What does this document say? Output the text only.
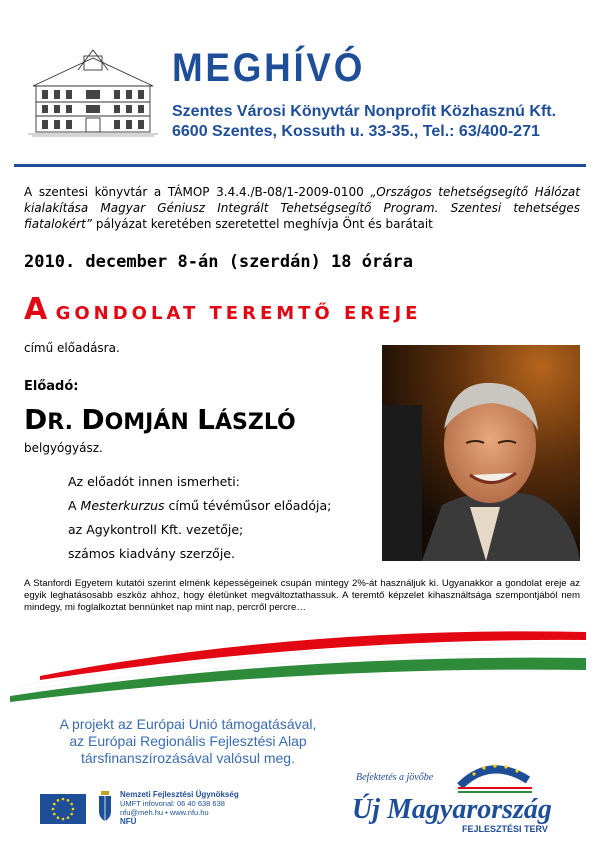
MEGHÍVÓ
Szentes Városi Könyvtár Nonprofit Közhasznú Kft.
6600 Szentes, Kossuth u. 33-35., Tel.: 63/400-271

A szentesi könyvtár a TÁMOP 3.4.4./B-08/1-2009-0100 „Országos tehetségsegítő Hálózat kialakítása Magyar Géniusz Integrált Tehetségsegítő Program. Szentesi tehetséges fiatalokért” pályázat keretében szeretettel meghívja Önt és barátait

2010. december 8-án (szerdán) 18 órára
A GONDOLAT TEREMTŐ EREJE
című előadásra.
Előadó:
DR. DOMJÁN LÁSZLÓ
belgyógyász.
Az előadót innen ismerheti:
A Mesterkurzus című tévéműsor előadója;
az Agykontroll Kft. vezetője;
számos kiadvány szerzője.

A Stanfordi Egyetem kutatói szerint elménk képességeinek csupán mintegy 2%-át használjuk ki. Ugyanakkor a gondolat ereje az egyik leghatásosabb eszköz ahhoz, hogy életünket megváltoztathassuk. A teremtő képzelet kihasználtsága szempontjából nem mindegy, mi foglalkoztat bennünket nap mint nap, percről percre…

A projekt az Európai Unió támogatásával,
az Európai Regionális Fejlesztési Alap
társfinanszírozásával valósul meg.
Nemzeti Fejlesztési Ügynökség
ÚMFT infovonal: 06 40 638 638
nfu@meh.hu • www.nfu.hu
NFÜ
Befektetés a jövőbe
Új Magyarország
FEJLESZTÉSI TERV
